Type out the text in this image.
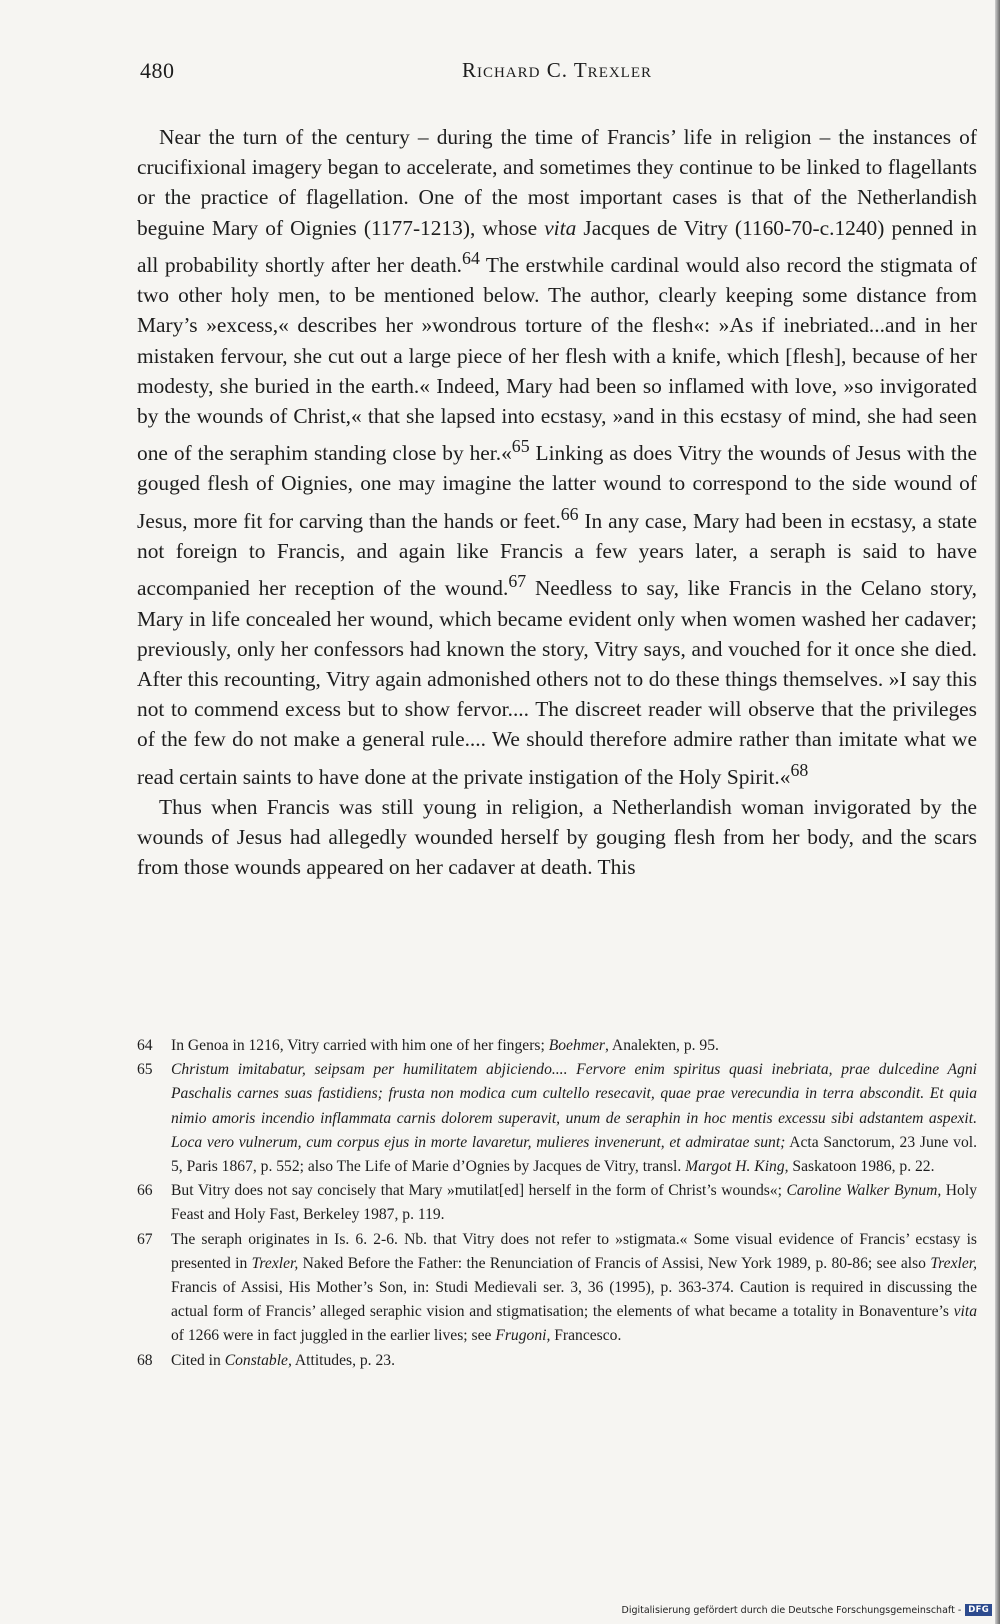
480	Richard C. Trexler

Near the turn of the century – during the time of Francis’ life in religion – the instances of crucifixional imagery began to accelerate, and sometimes they continue to be linked to flagellants or the practice of flagellation. One of the most important cases is that of the Netherlandish beguine Mary of Oignies (1177-1213), whose vita Jacques de Vitry (1160-70-c.1240) penned in all probability shortly after her death.$^{64}$ The erstwhile cardinal would also record the stigmata of two other holy men, to be mentioned below. The author, clearly keeping some distance from Mary’s »excess,« describes her »wondrous torture of the flesh«: »As if inebriated...and in her mistaken fervour, she cut out a large piece of her flesh with a knife, which [flesh], because of her modesty, she buried in the earth.« Indeed, Mary had been so inflamed with love, »so invigorated by the wounds of Christ,« that she lapsed into ecstasy, »and in this ecstasy of mind, she had seen one of the seraphim standing close by her.«$^{65}$ Linking as does Vitry the wounds of Jesus with the gouged flesh of Oignies, one may imagine the latter wound to correspond to the side wound of Jesus, more fit for carving than the hands or feet.$^{66}$ In any case, Mary had been in ecstasy, a state not foreign to Francis, and again like Francis a few years later, a seraph is said to have accompanied her reception of the wound.$^{67}$ Needless to say, like Francis in the Celano story, Mary in life concealed her wound, which became evident only when women washed her cadaver; previously, only her confessors had known the story, Vitry says, and vouched for it once she died. After this recounting, Vitry again admonished others not to do these things themselves. »I say this not to commend excess but to show fervor.... The discreet reader will observe that the privileges of the few do not make a general rule.... We should therefore admire rather than imitate what we read certain saints to have done at the private instigation of the Holy Spirit.«$^{68}$

Thus when Francis was still young in religion, a Netherlandish woman invigorated by the wounds of Jesus had allegedly wounded herself by gouging flesh from her body, and the scars from those wounds appeared on her cadaver at death. This

64	In Genoa in 1216, Vitry carried with him one of her fingers; Boehmer, Analekten, p. 95.
65	Christum imitabatur, seipsam per humilitatem abjiciendo.... Fervore enim spiritus quasi inebriata, prae dulcedine Agni Paschalis carnes suas fastidiens; frusta non modica cum cultello resecavit, quae prae verecundia in terra abscondit. Et quia nimio amoris incendio inflammata carnis dolorem superavit, unum de seraphin in hoc mentis excessu sibi adstantem aspexit. Loca vero vulnerum, cum corpus ejus in morte lavaretur, mulieres invenerunt, et admiratae sunt; Acta Sanctorum, 23 June vol. 5, Paris 1867, p. 552; also The Life of Marie d’Ognies by Jacques de Vitry, transl. Margot H. King, Saskatoon 1986, p. 22.
66	But Vitry does not say concisely that Mary »mutilat[ed] herself in the form of Christ’s wounds«; Caroline Walker Bynum, Holy Feast and Holy Fast, Berkeley 1987, p. 119.
67	The seraph originates in Is. 6. 2-6. Nb. that Vitry does not refer to »stigmata.« Some visual evidence of Francis’ ecstasy is presented in Trexler, Naked Before the Father: the Renunciation of Francis of Assisi, New York 1989, p. 80-86; see also Trexler, Francis of Assisi, His Mother’s Son, in: Studi Medievali ser. 3, 36 (1995), p. 363-374. Caution is required in discussing the actual form of Francis’ alleged seraphic vision and stigmatisation; the elements of what became a totality in Bonaventure’s vita of 1266 were in fact juggled in the earlier lives; see Frugoni, Francesco.
68	Cited in Constable, Attitudes, p. 23.
Digitalisierung gefördert durch die Deutsche Forschungsgemeinschaft - DFG
